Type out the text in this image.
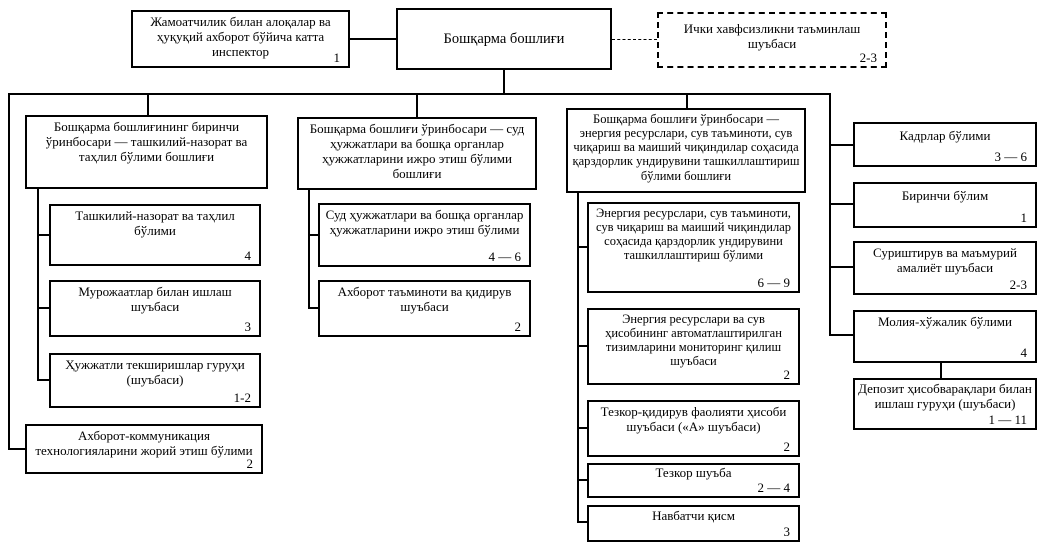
Жамоатчилик билан алоқалар ва ҳуқуқий ахборот бўйича катта инспектор	1
Бошқарма бошлиғи
Ички хавфсизликни таъминлаш шуъбаси
2-3
Бошқарма бошлиғининг биринчи ўринбосари — ташкилий-назорат ва таҳлил бўлими бошлиғи
Ташкилий-назорат ва таҳлил бўлими
4
Мурожаатлар билан ишлаш шуъбаси
3
Ҳужжатли текширишлар гуруҳи (шуъбаси)
1-2
Ахборот-коммуникация технологияларини жорий этиш бўлими
2
Бошқарма бошлиғи ўринбосари — суд ҳужжатлари ва бошқа органлар ҳужжатларини ижро этиш бўлими бошлиғи
Суд ҳужжатлари ва бошқа органлар ҳужжатларини ижро этиш бўлими
4 — 6
Ахборот таъминоти ва қидирув шуъбаси
2
Бошқарма бошлиғи ўринбосари — энергия ресурслари, сув таъминоти, сув чиқариш ва маиший чиқиндилар соҳасида қарздорлик ундирувини ташкиллаштириш бўлими бошлиғи
Энергия ресурслари, сув таъминоти, сув чиқариш ва маиший чиқиндилар соҳасида қарздорлик ундирувини ташкиллаштириш бўлими
6 — 9
Энергия ресурслари ва сув ҳисобининг автоматлаштирилган тизимларини мониторинг қилиш шуъбаси
2
Тезкор-қидирув фаолияти ҳисоби шуъбаси («А» шуъбаси)
2
Тезкор шуъба
2 — 4
Навбатчи қисм
3
Кадрлар бўлими
3 — 6
Биринчи бўлим
1
Суриштирув ва маъмурий амалиёт шуъбаси
2-3
Молия-хўжалик бўлими
4
Депозит ҳисобварақлари билан ишлаш гуруҳи (шуъбаси)
1 — 11
